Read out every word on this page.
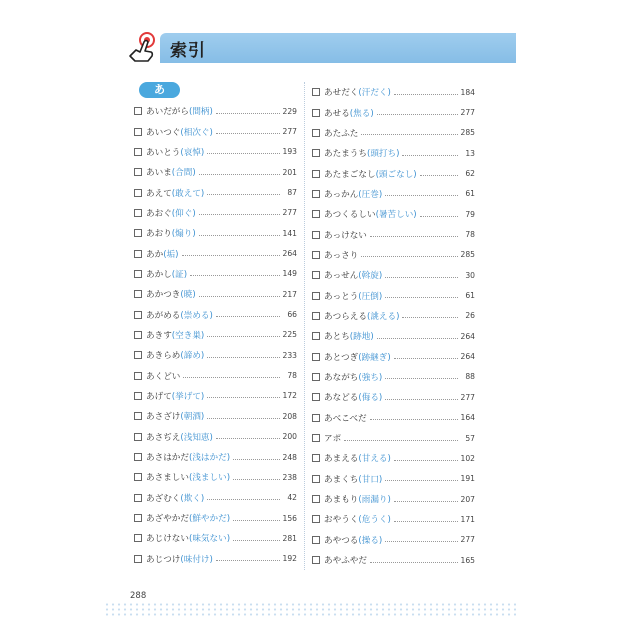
索引
あ
あいだがら (間柄)	229
あいつぐ (相次ぐ)	277
あいとう (哀悼)	193
あいま (合間)	201
あえて (敢えて)	87
あおぐ (仰ぐ)	277
あおり (煽り)	141
あか (垢)	264
あかし (証)	149
あかつき (暁)	217
あがめる (崇める)	66
あきす (空き巣)	225
あきらめ (諦め)	233
あくどい	78
あげて (挙げて)	172
あさざけ (朝酒)	208
あさぢえ (浅知恵)	200
あさはかだ (浅はかだ)	248
あさましい (浅ましい)	238
あざむく (欺く)	42
あざやかだ (鮮やかだ)	156
あじけない (味気ない)	281
あじつけ (味付け)	192
あせだく (汗だく)	184
あせる (焦る)	277
あたふた	285
あたまうち (頭打ち)	13
あたまごなし (頭ごなし)	62
あっかん (圧巻)	61
あつくるしい (暑苦しい)	79
あっけない	78
あっさり	285
あっせん (斡旋)	30
あっとう (圧倒)	61
あつらえる (誂える)	26
あとち (跡地)	264
あとつぎ (跡継ぎ)	264
あながち (強ち)	88
あなどる (侮る)	277
あべこべだ	164
アポ	57
あまえる (甘える)	102
あまくち (甘口)	191
あまもり (雨漏り)	207
おやうく (危うく)	171
あやつる (操る)	277
あやふやだ	165
288
